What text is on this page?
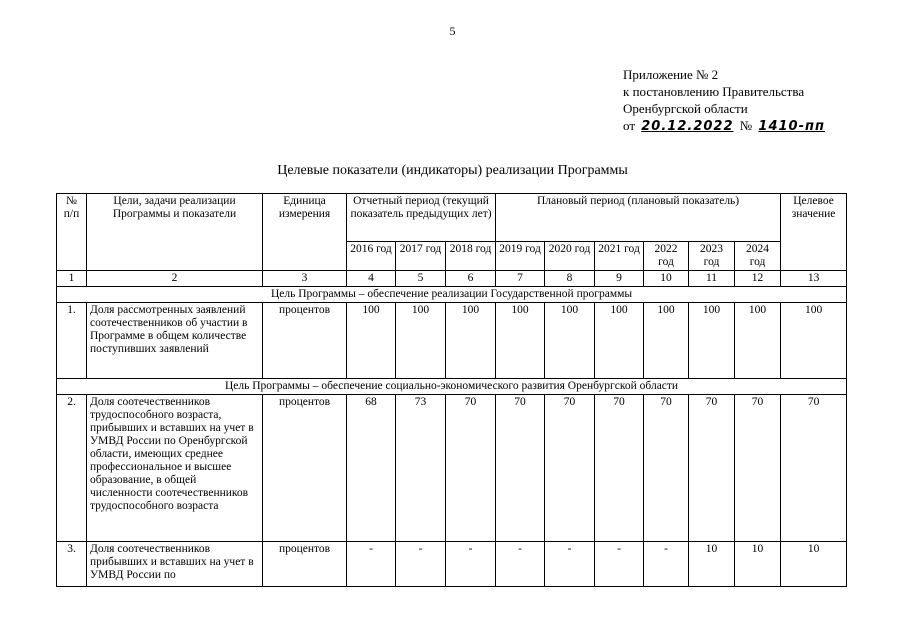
5
Приложение № 2
к постановлению Правительства
Оренбургской области
от 20.12.2022 № 1410-пп
Целевые показатели (индикаторы) реализации Программы
№ п/п	Цели, задачи реализации Программы и показатели	Единица измерения	Отчетный период (текущий показатель предыдущих лет)			Плановый период (плановый показатель)						Целевое значение
			2016 год	2017 год	2018 год	2019 год	2020 год	2021 год	2022 год	2023 год	2024 год	
1	2	3	4	5	6	7	8	9	10	11	12	13
Цель Программы – обеспечение реализации Государственной программы												
1.	Доля рассмотренных заявлений соотечественников об участии в Программе в общем количестве поступивших заявлений	процентов	100	100	100	100	100	100	100	100	100	100
Цель Программы – обеспечение социально-экономического развития Оренбургской области												
2.	Доля соотечественников трудоспособного возраста, прибывших и вставших на учет в УМВД России по Оренбургской области, имеющих среднее профессиональное и высшее образование, в общей численности соотечественников трудоспособного возраста	процентов	68	73	70	70	70	70	70	70	70	70
3.	Доля соотечественников прибывших и вставших на учет в УМВД России по	процентов	-	-	-	-	-	-	-	10	10	10
